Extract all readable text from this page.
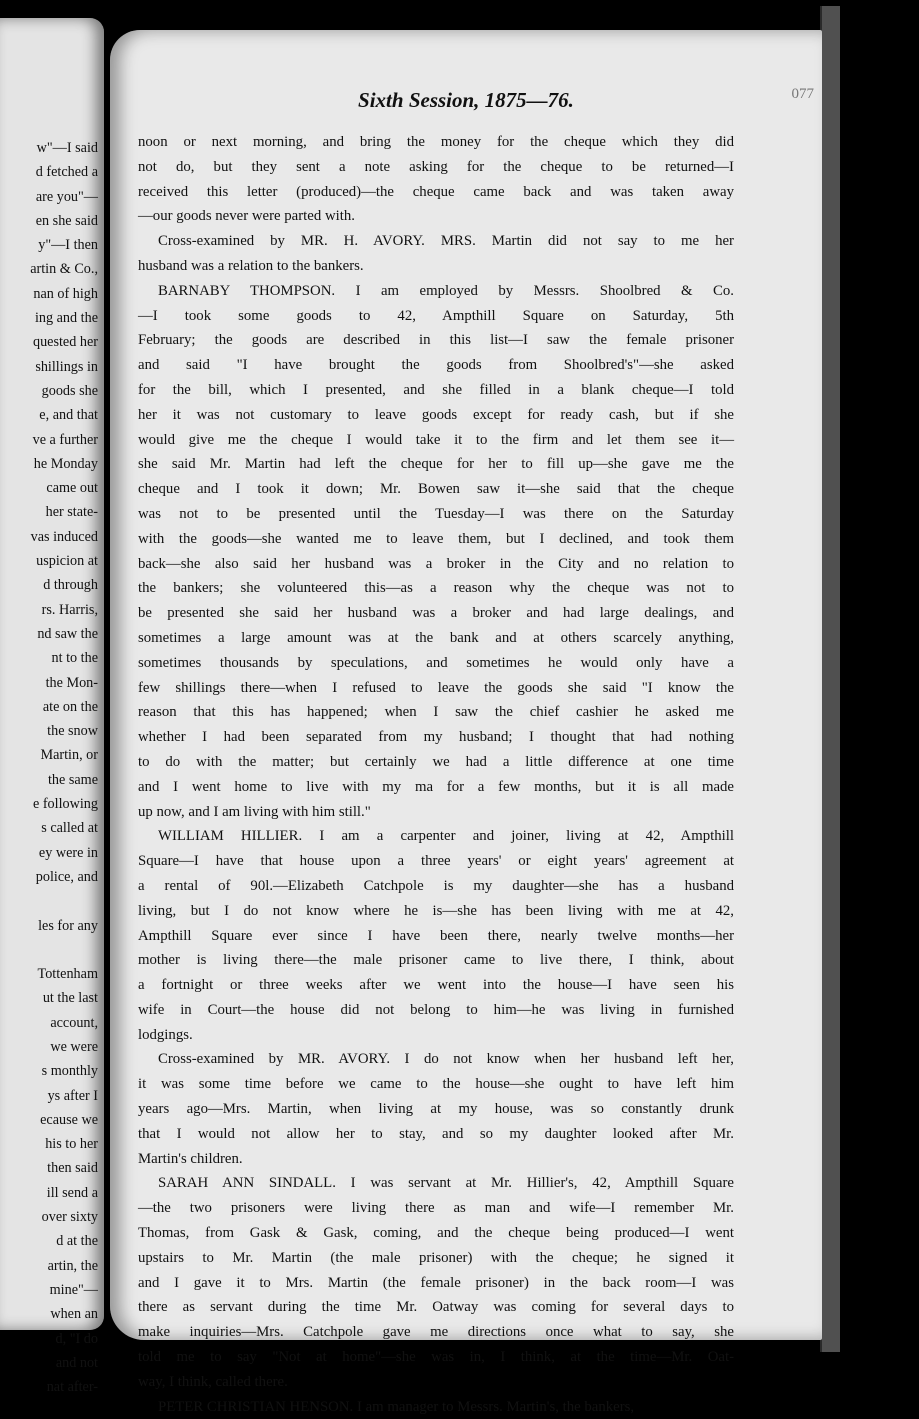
w"—I said
d fetched a
are you"—
en she said
y"—I then
artin & Co.,
nan of high
ing and the
quested her
shillings in
goods she
e, and that
ve a further
he Monday
came out
her state-
vas induced
uspicion at
d through
rs. Harris,
nd saw the
nt to the
the Mon-
ate on the
the snow
Martin, or
the same
e following
s called at
ey were in
police, and

les for any

Tottenham
ut the last
account,
we were
s monthly
ys after I
ecause we
his to her
then said
ill send a
over sixty
d at the
artin, the
mine"—
when an
d, "I do
and not
nat after-
Sixth Session, 1875—76.	077
noon or next morning, and bring the money for the cheque which they did
not do, but they sent a note asking for the cheque to be returned—I
received this letter (produced)—the cheque came back and was taken away
—our goods never were parted with.
Cross-examined by MR. H. AVORY. MRS. Martin did not say to me her
husband was a relation to the bankers.
BARNABY THOMPSON. I am employed by Messrs. Shoolbred & Co.
—I took some goods to 42, Ampthill Square on Saturday, 5th
February; the goods are described in this list—I saw the female prisoner
and said "I have brought the goods from Shoolbred's"—she asked
for the bill, which I presented, and she filled in a blank cheque—I told
her it was not customary to leave goods except for ready cash, but if she
would give me the cheque I would take it to the firm and let them see it—
she said Mr. Martin had left the cheque for her to fill up—she gave me the
cheque and I took it down; Mr. Bowen saw it—she said that the cheque
was not to be presented until the Tuesday—I was there on the Saturday
with the goods—she wanted me to leave them, but I declined, and took them
back—she also said her husband was a broker in the City and no relation to
the bankers; she volunteered this—as a reason why the cheque was not to
be presented she said her husband was a broker and had large dealings, and
sometimes a large amount was at the bank and at others scarcely anything,
sometimes thousands by speculations, and sometimes he would only have a
few shillings there—when I refused to leave the goods she said "I know the
reason that this has happened; when I saw the chief cashier he asked me
whether I had been separated from my husband; I thought that had nothing
to do with the matter; but certainly we had a little difference at one time
and I went home to live with my ma for a few months, but it is all made
up now, and I am living with him still."
WILLIAM HILLIER. I am a carpenter and joiner, living at 42, Ampthill
Square—I have that house upon a three years' or eight years' agreement at
a rental of 90l.—Elizabeth Catchpole is my daughter—she has a husband
living, but I do not know where he is—she has been living with me at 42,
Ampthill Square ever since I have been there, nearly twelve months—her
mother is living there—the male prisoner came to live there, I think, about
a fortnight or three weeks after we went into the house—I have seen his
wife in Court—the house did not belong to him—he was living in furnished
lodgings.
Cross-examined by MR. AVORY. I do not know when her husband left her,
it was some time before we came to the house—she ought to have left him
years ago—Mrs. Martin, when living at my house, was so constantly drunk
that I would not allow her to stay, and so my daughter looked after Mr.
Martin's children.
SARAH ANN SINDALL. I was servant at Mr. Hillier's, 42, Ampthill Square
—the two prisoners were living there as man and wife—I remember Mr.
Thomas, from Gask & Gask, coming, and the cheque being produced—I went
upstairs to Mr. Martin (the male prisoner) with the cheque; he signed it
and I gave it to Mrs. Martin (the female prisoner) in the back room—I was
there as servant during the time Mr. Oatway was coming for several days to
make inquiries—Mrs. Catchpole gave me directions once what to say, she
told me to say "Not at home"—she was in, I think, at the time—Mr. Oat-
way, I think, called there.
PETER CHRISTIAN HENSON. I am manager to Messrs. Martin's, the bankers,
